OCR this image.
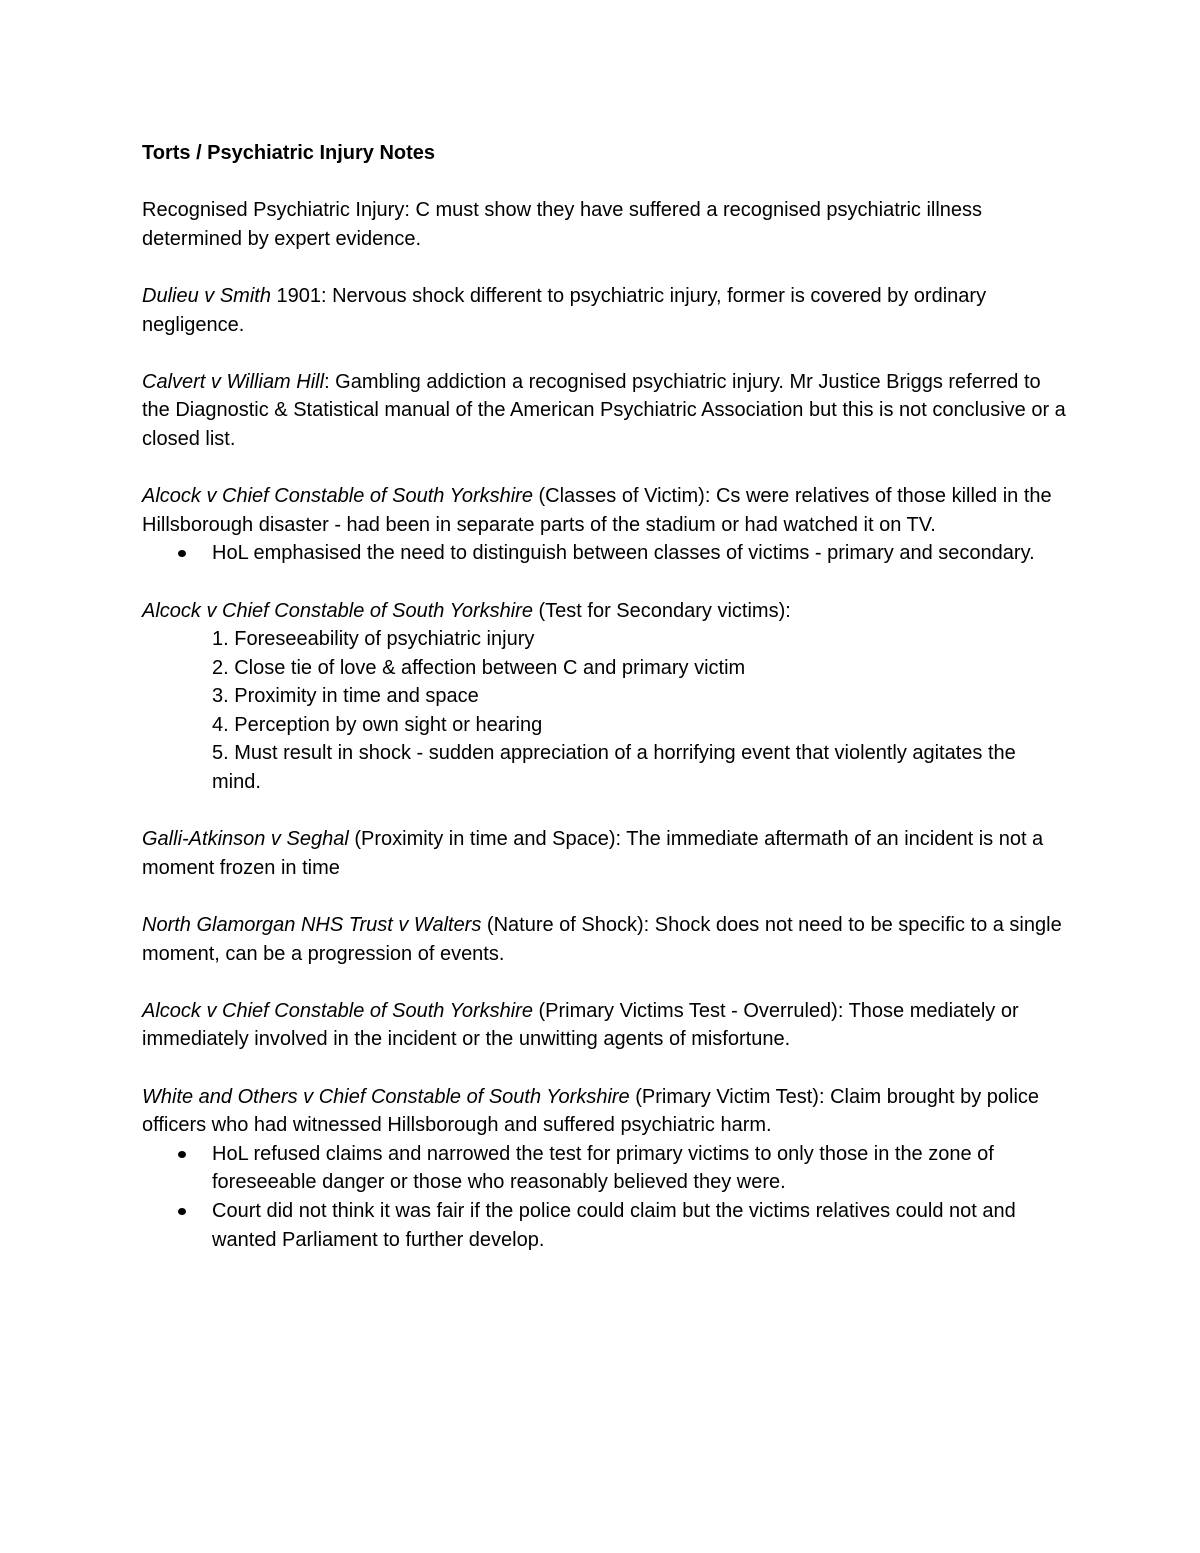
Torts / Psychiatric Injury Notes

Recognised Psychiatric Injury: C must show they have suffered a recognised psychiatric illness determined by expert evidence.

Dulieu v Smith 1901: Nervous shock different to psychiatric injury, former is covered by ordinary negligence.

Calvert v William Hill: Gambling addiction a recognised psychiatric injury. Mr Justice Briggs referred to the Diagnostic & Statistical manual of the American Psychiatric Association but this is not conclusive or a closed list.

Alcock v Chief Constable of South Yorkshire (Classes of Victim): Cs were relatives of those killed in the Hillsborough disaster - had been in separate parts of the stadium or had watched it on TV.

HoL emphasised the need to distinguish between classes of victims - primary and secondary.

Alcock v Chief Constable of South Yorkshire (Test for Secondary victims):

1. Foreseeability of psychiatric injury
2. Close tie of love & affection between C and primary victim
3. Proximity in time and space
4. Perception by own sight or hearing
5. Must result in shock - sudden appreciation of a horrifying event that violently agitates the mind.

Galli-Atkinson v Seghal (Proximity in time and Space): The immediate aftermath of an incident is not a moment frozen in time

North Glamorgan NHS Trust v Walters (Nature of Shock): Shock does not need to be specific to a single moment, can be a progression of events.

Alcock v Chief Constable of South Yorkshire (Primary Victims Test - Overruled): Those mediately or immediately involved in the incident or the unwitting agents of misfortune.

White and Others v Chief Constable of South Yorkshire (Primary Victim Test): Claim brought by police officers who had witnessed Hillsborough and suffered psychiatric harm.

HoL refused claims and narrowed the test for primary victims to only those in the zone of foreseeable danger or those who reasonably believed they were.
Court did not think it was fair if the police could claim but the victims relatives could not and wanted Parliament to further develop.
